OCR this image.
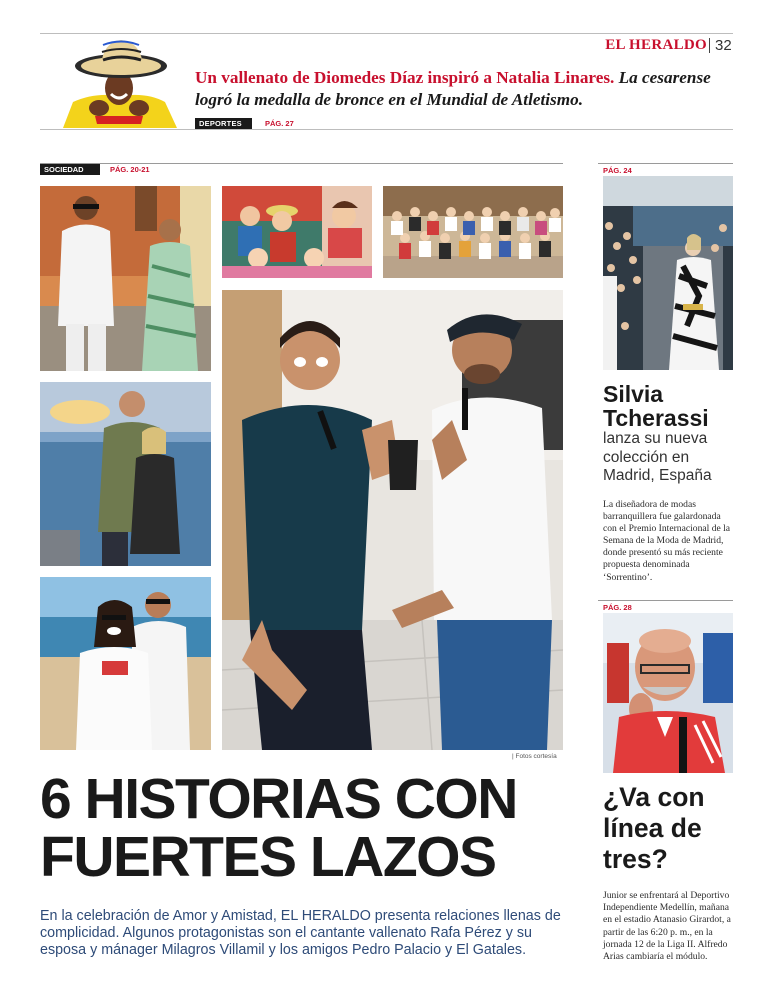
EL HERALDO 32
Un vallenato de Diomedes Díaz inspiró a Natalia Linares. La cesarense logró la medalla de bronce en el Mundial de Atletismo.
DEPORTES	PÁG. 27
SOCIEDAD	PÁG. 20-21
| Fotos cortesía
6 HISTORIAS CON
FUERTES LAZOS
En la celebración de Amor y Amistad, EL HERALDO presenta relaciones llenas de complicidad. Algunos protagonistas son el cantante vallenato Rafa Pérez y su esposa y mánager Milagros Villamil y los amigos Pedro Palacio y El Gatales.
PÁG. 24
Silvia Tcherassi
lanza su nueva colección en Madrid, España
La diseñadora de modas barranquillera fue galardonada con el Premio Internacional de la Semana de la Moda de Madrid, donde presentó su más reciente propuesta denominada ‘Sorrentino’.
PÁG. 28
¿Va con línea de tres?
Junior se enfrentará al Deportivo Independiente Medellín, mañana en el estadio Atanasio Girardot, a partir de las 6:20 p. m., en la jornada 12 de la Liga II. Alfredo Arias cambiaría el módulo.
